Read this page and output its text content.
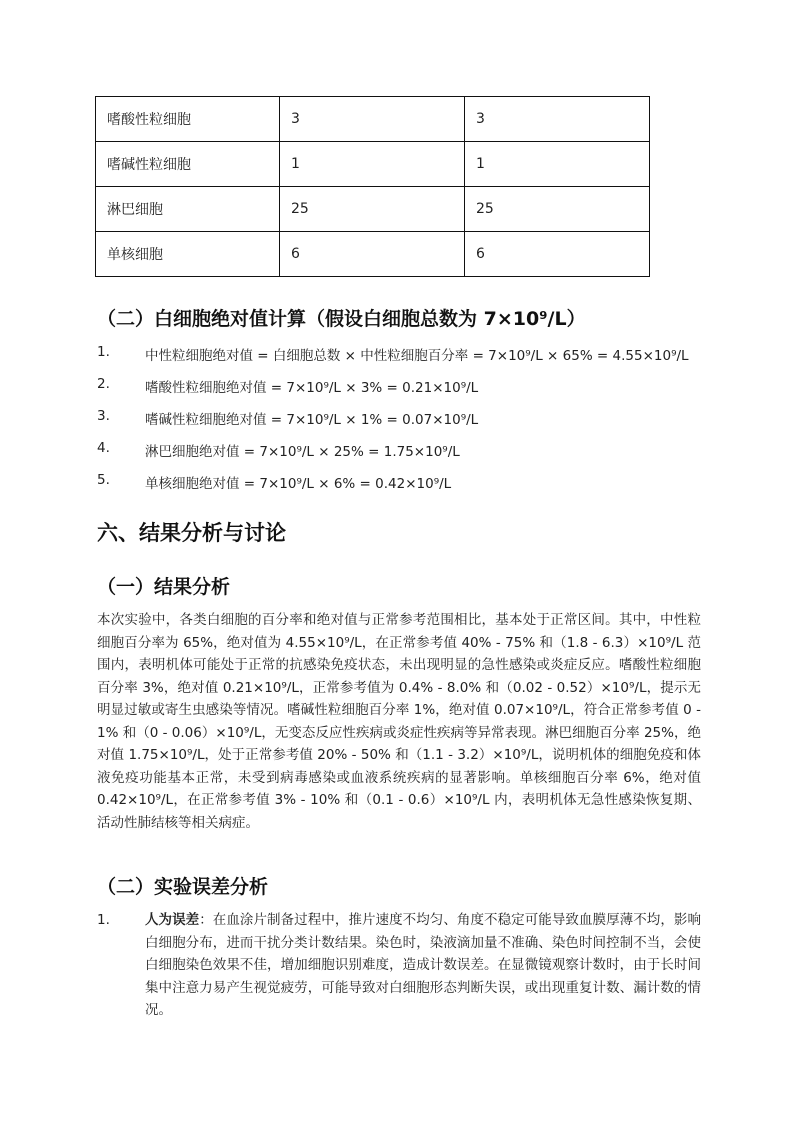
嗜酸性粒细胞	3	3
嗜碱性粒细胞	1	1
淋巴细胞	25	25
单核细胞	6	6
（二）白细胞绝对值计算（假设白细胞总数为 7×10⁹/L）
1.	中性粒细胞绝对值 = 白细胞总数 × 中性粒细胞百分率 = 7×10⁹/L × 65% = 4.55×10⁹/L
2.	嗜酸性粒细胞绝对值 = 7×10⁹/L × 3% = 0.21×10⁹/L
3.	嗜碱性粒细胞绝对值 = 7×10⁹/L × 1% = 0.07×10⁹/L
4.	淋巴细胞绝对值 = 7×10⁹/L × 25% = 1.75×10⁹/L
5.	单核细胞绝对值 = 7×10⁹/L × 6% = 0.42×10⁹/L
六、结果分析与讨论
（一）结果分析

本次实验中，各类白细胞的百分率和绝对值与正常参考范围相比，基本处于正常区间。其中，中性粒细胞百分率为 65%，绝对值为 4.55×10⁹/L，在正常参考值 40% - 75% 和（1.8 - 6.3）×10⁹/L 范围内，表明机体可能处于正常的抗感染免疫状态，未出现明显的急性感染或炎症反应。嗜酸性粒细胞百分率 3%，绝对值 0.21×10⁹/L，正常参考值为 0.4% - 8.0% 和（0.02 - 0.52）×10⁹/L，提示无明显过敏或寄生虫感染等情况。嗜碱性粒细胞百分率 1%，绝对值 0.07×10⁹/L，符合正常参考值 0 - 1% 和（0 - 0.06）×10⁹/L，无变态反应性疾病或炎症性疾病等异常表现。淋巴细胞百分率 25%，绝对值 1.75×10⁹/L，处于正常参考值 20% - 50% 和（1.1 - 3.2）×10⁹/L，说明机体的细胞免疫和体液免疫功能基本正常，未受到病毒感染或血液系统疾病的显著影响。单核细胞百分率 6%，绝对值 0.42×10⁹/L，在正常参考值 3% - 10% 和（0.1 - 0.6）×10⁹/L 内，表明机体无急性感染恢复期、活动性肺结核等相关病症。

（二）实验误差分析
1.	人为误差：在血涂片制备过程中，推片速度不均匀、角度不稳定可能导致血膜厚薄不均，影响白细胞分布，进而干扰分类计数结果。染色时，染液滴加量不准确、染色时间控制不当，会使白细胞染色效果不佳，增加细胞识别难度，造成计数误差。在显微镜观察计数时，由于长时间集中注意力易产生视觉疲劳，可能导致对白细胞形态判断失误，或出现重复计数、漏计数的情况。
